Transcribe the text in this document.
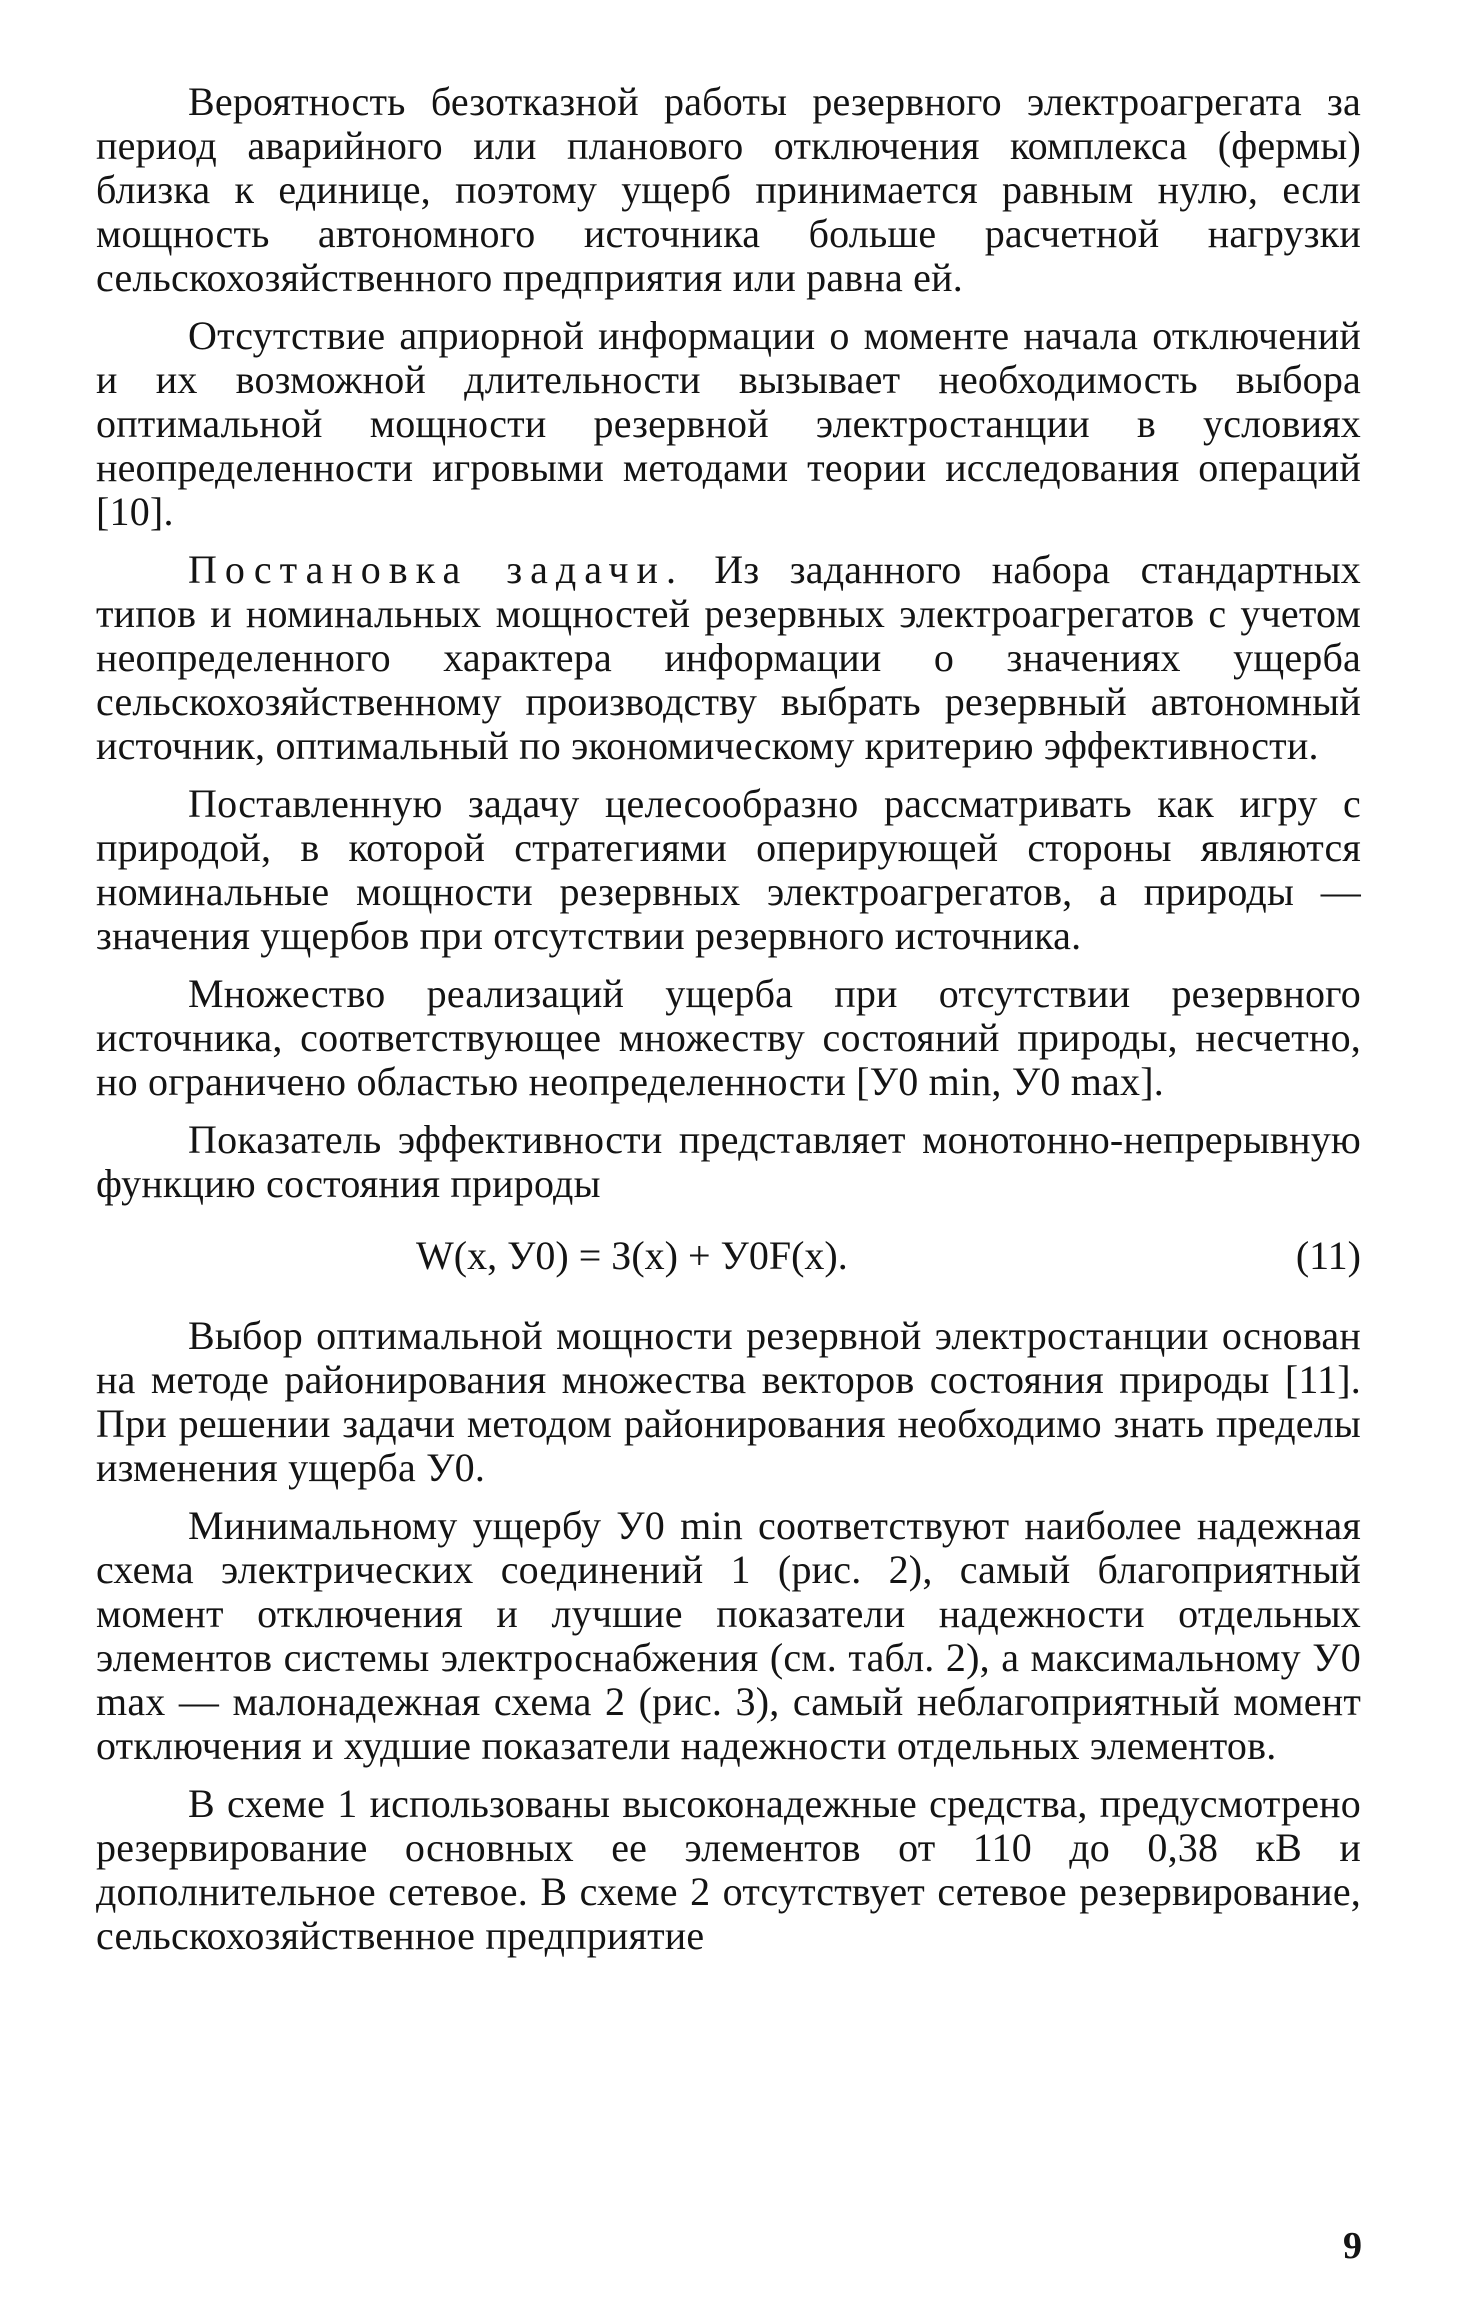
Вероятность безотказной работы резервного электроагрегата за период аварийного или планового отключения комплекса (фермы) близка к единице, поэтому ущерб принимается равным нулю, если мощность автономного источника больше расчетной нагрузки сельскохозяйственного предприятия или равна ей.

Отсутствие априорной информации о моменте начала отключений и их возможной длительности вызывает необходимость выбора оптимальной мощности резервной электростанции в условиях неопределенности игровыми методами теории исследования операций [10].

Постановка задачи. Из заданного набора стандартных типов и номинальных мощностей резервных электроагрегатов с учетом неопределенного характера информации о значениях ущерба сельскохозяйственному производству выбрать резервный автономный источник, оптимальный по экономическому критерию эффективности.

Поставленную задачу целесообразно рассматривать как игру с природой, в которой стратегиями оперирующей стороны являются номинальные мощности резервных электроагрегатов, а природы — значения ущербов при отсутствии резервного источника.

Множество реализаций ущерба при отсутствии резервного источника, соответствующее множеству состояний природы, несчетно, но ограничено областью неопределенности [У0 min, У0 max].

Показатель эффективности представляет монотонно-непрерывную функцию состояния природы

W(x, У0) = З(x) + У0F(x).	(11)

Выбор оптимальной мощности резервной электростанции основан на методе районирования множества векторов состояния природы [11]. При решении задачи методом районирования необходимо знать пределы изменения ущерба У0.

Минимальному ущербу У0 min соответствуют наиболее надежная схема электрических соединений 1 (рис. 2), самый благоприятный момент отключения и лучшие показатели надежности отдельных элементов системы электроснабжения (см. табл. 2), а максимальному У0 max — малонадежная схема 2 (рис. 3), самый неблагоприятный момент отключения и худшие показатели надежности отдельных элементов.

В схеме 1 использованы высоконадежные средства, предусмотрено резервирование основных ее элементов от 110 до 0,38 кВ и дополнительное сетевое. В схеме 2 отсутствует сетевое резервирование, сельскохозяйственное предприятие

9
